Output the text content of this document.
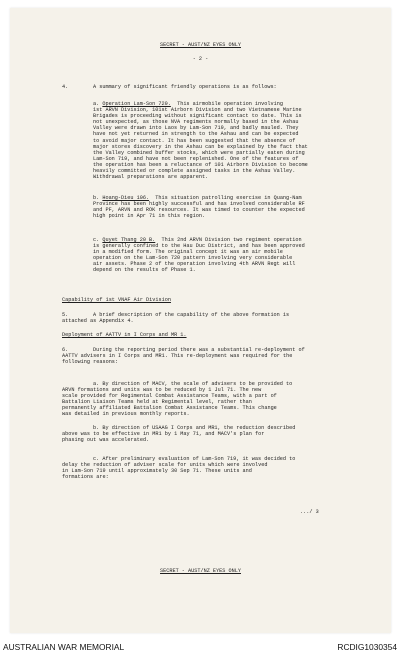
SECRET - AUST/NZ EYES ONLY
- 2 -
4.	A summary of significant friendly operations is as follows:

a. Operation Lam-Son 720. This airmobile operation involving

1st ARVN Division, 101st Airborn Division and two Vietnamese Marine

Brigades is proceeding without significant contact to date. This is

not unexpected, as those NVA regiments normally based in the Ashau

Valley were drawn into Laos by Lam-Son 719, and badly mauled. They

have not yet returned in strength to the Ashau and can be expected

to avoid major contact. It has been suggested that the absence of

major stores discovery in the Ashau can be explained by the fact that

the Valley combined buffer stocks, which were partially eaten during

Lam-Son 719, and have not been replenished. One of the features of

the operation has been a reluctance of 101 Airborn Division to become

heavily committed or complete assigned tasks in the Ashau Valley.

Withdrawal preparations are apparent.

b. Hoang-Dieu 106. This situation patrolling exercise in Quang-Nam

Province has been highly successful and has involved considerable RF

and PF, ARVN and ROK resources. It was timed to counter the expected

high point in Apr 71 in this region.

c. Quyet Thang 20 B. This 2nd ARVN Division two regiment operation

is generally confined to the Hau Duc District, and has been approved

in a modified form. The original concept it was an air mobile

operation on the Lam-Son 720 pattern involving very considerable

air assets. Phase 2 of the operation involving 4th ARVN Regt will

depend on the results of Phase 1.

Capability of 1st VNAF Air Division
5.	A brief description of the capability of the above formation is

attached as Appendix 4.

Deployment of AATTV in I Corps and MR 1.
6.	During the reporting period there was a substantial re-deployment of

AATTV advisers in I Corps and MR1. This re-deployment was required for the

following reasons:

a. By direction of MACV, the scale of advisers to be provided to

ARVN formations and units was to be reduced by 1 Jul 71. The new

scale provided for Regimental Combat Assistance Teams, with a part of

Battalion Liaison Teams held at Regimental level, rather than

permanently affiliated Battalion Combat Assistance Teams. This change

was detailed in previous monthly reports.

b. By direction of USAAG I Corps and MR1, the reduction described

above was to be effective in MR1 by 1 May 71, and MACV's plan for

phasing out was accelerated.

c. After preliminary evaluation of Lam-Son 719, it was decided to

delay the reduction of adviser scale for units which were involved

in Lam-Son 719 until approximately 30 Sep 71. These units and

formations are:

.../ 3
SECRET - AUST/NZ EYES ONLY
AUSTRALIAN WAR MEMORIAL	RCDIG1030354
